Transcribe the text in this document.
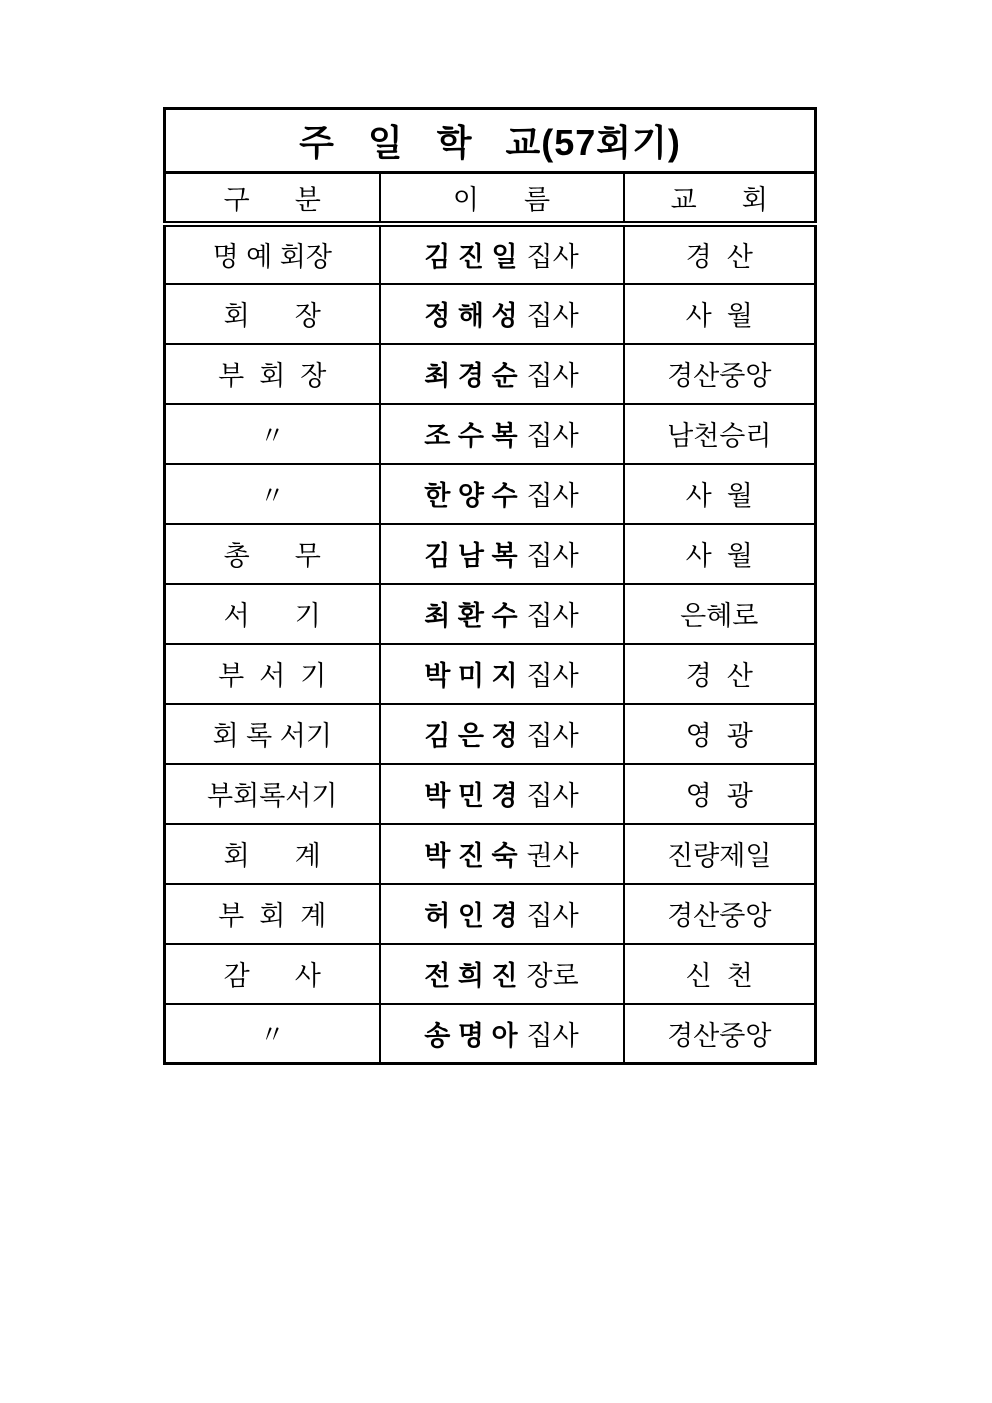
주   일   학   교(57회기)		
구      분	이      름	교      회
명 예 회장	김 진 일 집사	경  산
회      장	정 해 성 집사	사  월
부  회  장	최 경 순 집사	경산중앙
〃	조 수 복 집사	남천승리
〃	한 양 수 집사	사  월
총      무	김 남 복 집사	사  월
서      기	최 환 수 집사	은혜로
부  서  기	박 미 지 집사	경  산
회 록 서기	김 은 정 집사	영  광
부회록서기	박 민 경 집사	영  광
회      계	박 진 숙 권사	진량제일
부  회  계	허 인 경 집사	경산중앙
감      사	전 희 진 장로	신  천
〃	송 명 아 집사	경산중앙
